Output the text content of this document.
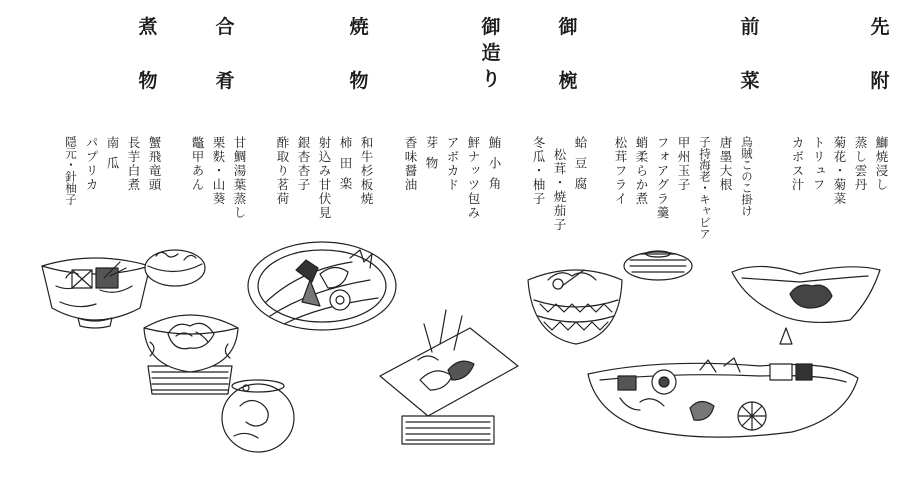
先
附
前
菜
御
椀
御
造
り
焼
物
合
肴
煮
物
鰤焼浸し
蒸し雲丹
菊花・菊菜
トリュフ
カボス汁
烏賊このこ掛け
唐墨大根
子持海老・キャビア
甲州玉子
フォアグラ羹
蛸柔らか煮
松茸フライ
蛤豆腐
松茸・焼茄子
冬瓜・柚子
鮪小角
鮃ナッツ包み
アボカド
芽物
香味醤油
和牛杉板焼
柿田楽
射込み甘伏見
銀杏杏子
酢取り茗荷
甘鯛湯葉蒸し
栗麩・山葵
鼈甲あん
蟹飛竜頭
長芋白煮
南瓜
パプリカ
隠元・針柚子
